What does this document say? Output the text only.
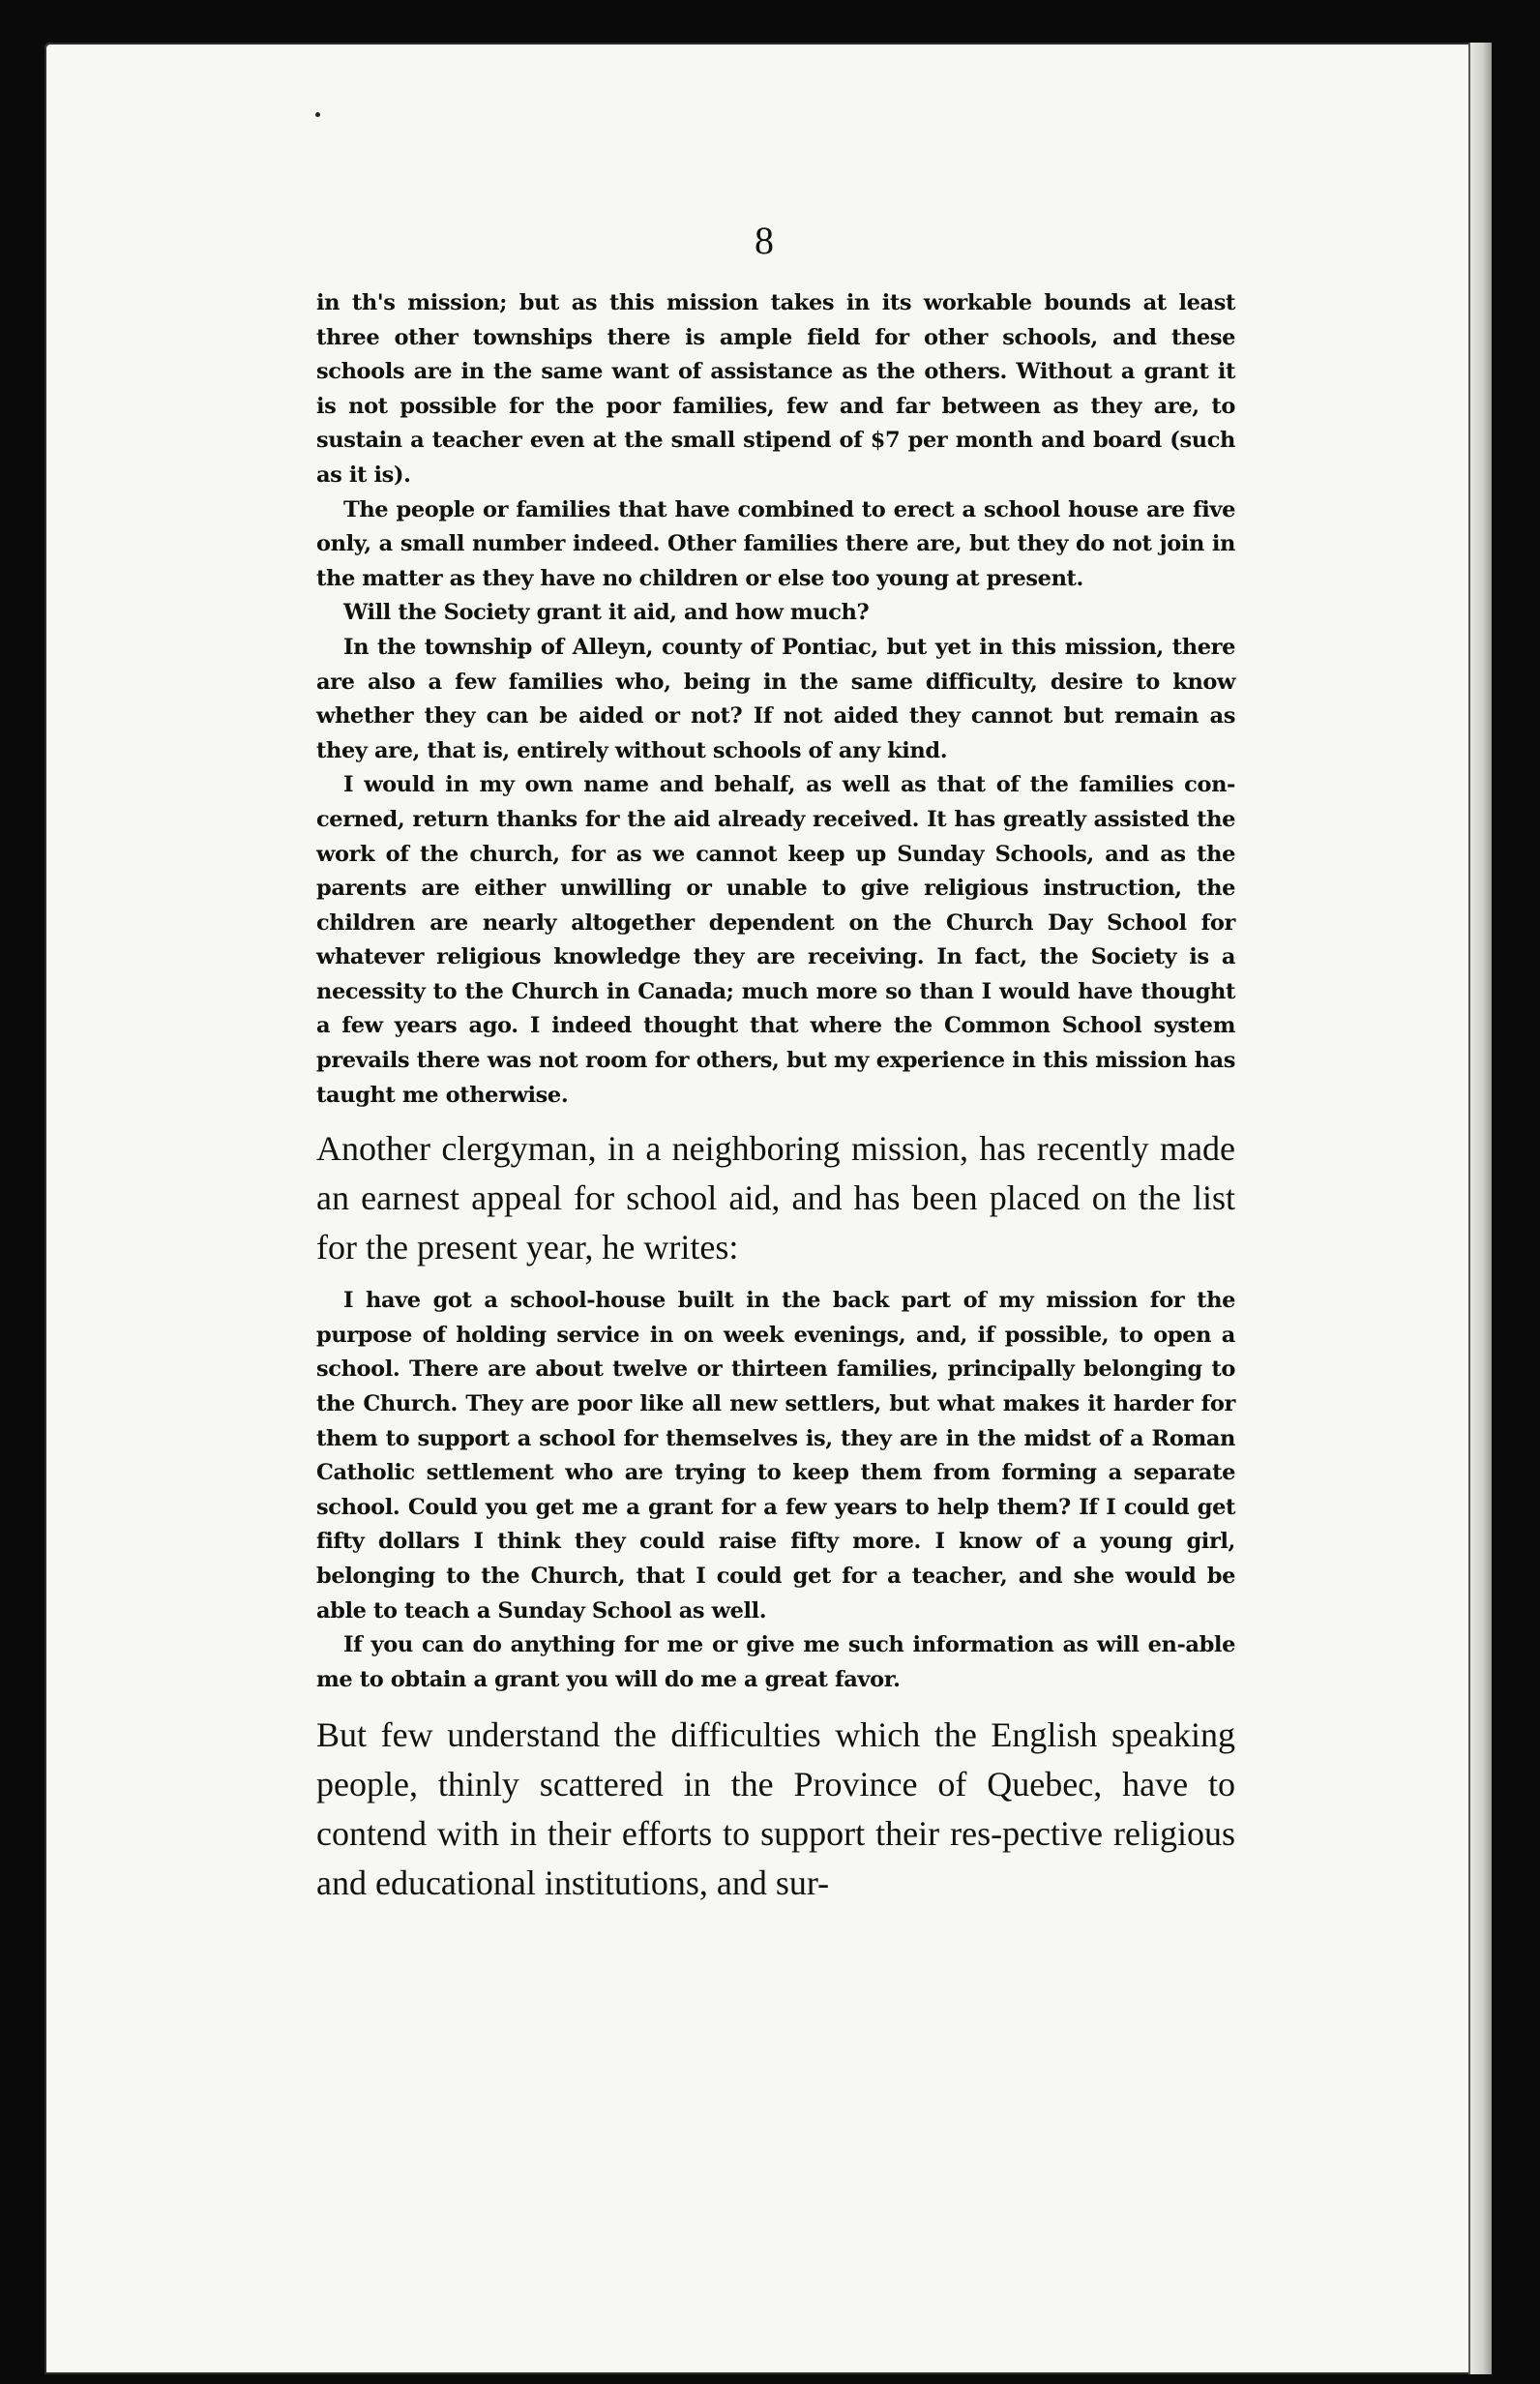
8

in th's mission; but as this mission takes in its workable bounds at least three other townships there is ample field for other schools, and these schools are in the same want of assistance as the others. Without a grant it is not possible for the poor families, few and far between as they are, to sustain a teacher even at the small stipend of $7 per month and board (such as it is).

The people or families that have combined to erect a school house are five only, a small number indeed. Other families there are, but they do not join in the matter as they have no children or else too young at present.

Will the Society grant it aid, and how much?

In the township of Alleyn, county of Pontiac, but yet in this mission, there are also a few families who, being in the same difficulty, desire to know whether they can be aided or not? If not aided they cannot but remain as they are, that is, entirely without schools of any kind.

I would in my own name and behalf, as well as that of the families con-cerned, return thanks for the aid already received. It has greatly assisted the work of the church, for as we cannot keep up Sunday Schools, and as the parents are either unwilling or unable to give religious instruction, the children are nearly altogether dependent on the Church Day School for whatever religious knowledge they are receiving. In fact, the Society is a necessity to the Church in Canada; much more so than I would have thought a few years ago. I indeed thought that where the Common School system prevails there was not room for others, but my experience in this mission has taught me otherwise.

Another clergyman, in a neighboring mission, has recently made an earnest appeal for school aid, and has been placed on the list for the present year, he writes:

I have got a school-house built in the back part of my mission for the purpose of holding service in on week evenings, and, if possible, to open a school. There are about twelve or thirteen families, principally belonging to the Church. They are poor like all new settlers, but what makes it harder for them to support a school for themselves is, they are in the midst of a Roman Catholic settlement who are trying to keep them from forming a separate school. Could you get me a grant for a few years to help them? If I could get fifty dollars I think they could raise fifty more. I know of a young girl, belonging to the Church, that I could get for a teacher, and she would be able to teach a Sunday School as well.

If you can do anything for me or give me such information as will en-able me to obtain a grant you will do me a great favor.

But few understand the difficulties which the English speaking people, thinly scattered in the Province of Quebec, have to contend with in their efforts to support their res-pective religious and educational institutions, and sur-
